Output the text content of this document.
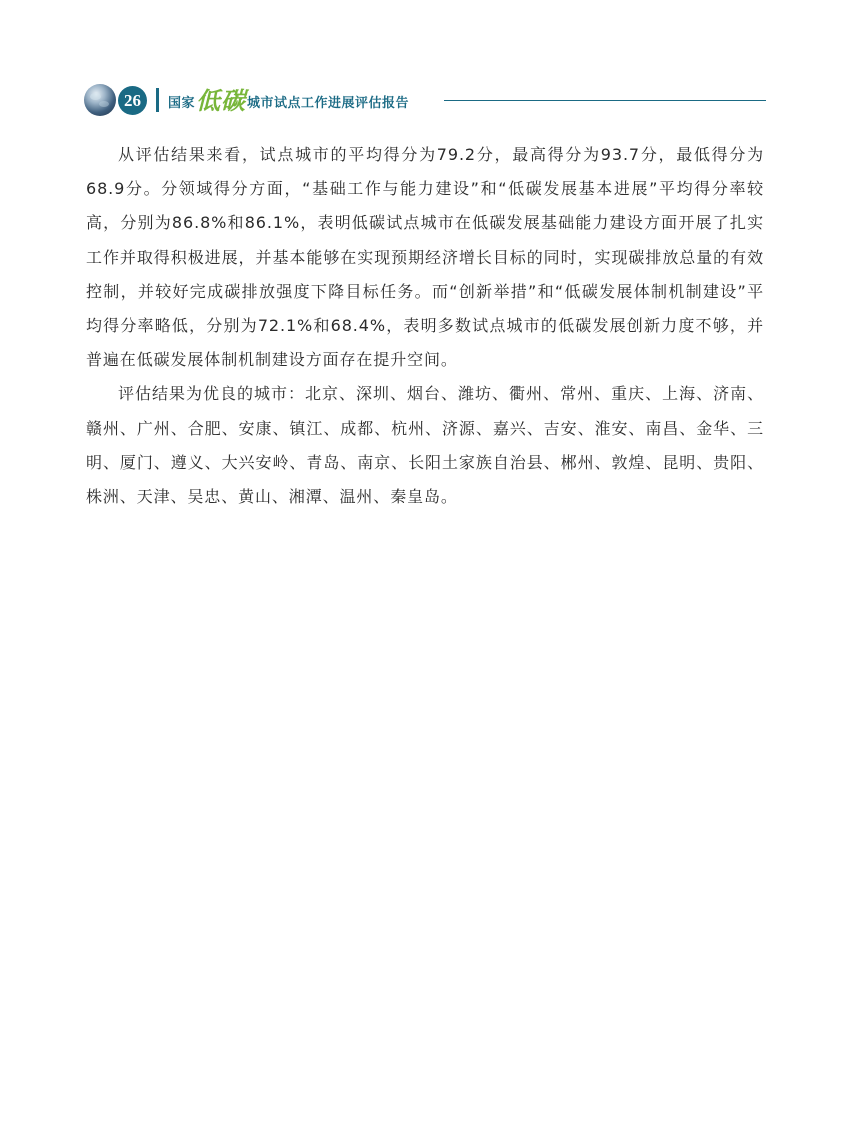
26	国家低碳城市试点工作进展评估报告

从评估结果来看，试点城市的平均得分为79.2分，最高得分为93.7分，最低得分为68.9分。分领域得分方面，“基础工作与能力建设”和“低碳发展基本进展”平均得分率较高，分别为86.8%和86.1%，表明低碳试点城市在低碳发展基础能力建设方面开展了扎实工作并取得积极进展，并基本能够在实现预期经济增长目标的同时，实现碳排放总量的有效控制，并较好完成碳排放强度下降目标任务。而“创新举措”和“低碳发展体制机制建设”平均得分率略低，分别为72.1%和68.4%，表明多数试点城市的低碳发展创新力度不够，并普遍在低碳发展体制机制建设方面存在提升空间。

评估结果为优良的城市：北京、深圳、烟台、潍坊、衢州、常州、重庆、上海、济南、赣州、广州、合肥、安康、镇江、成都、杭州、济源、嘉兴、吉安、淮安、南昌、金华、三明、厦门、遵义、大兴安岭、青岛、南京、长阳土家族自治县、郴州、敦煌、昆明、贵阳、株洲、天津、吴忠、黄山、湘潭、温州、秦皇岛。
